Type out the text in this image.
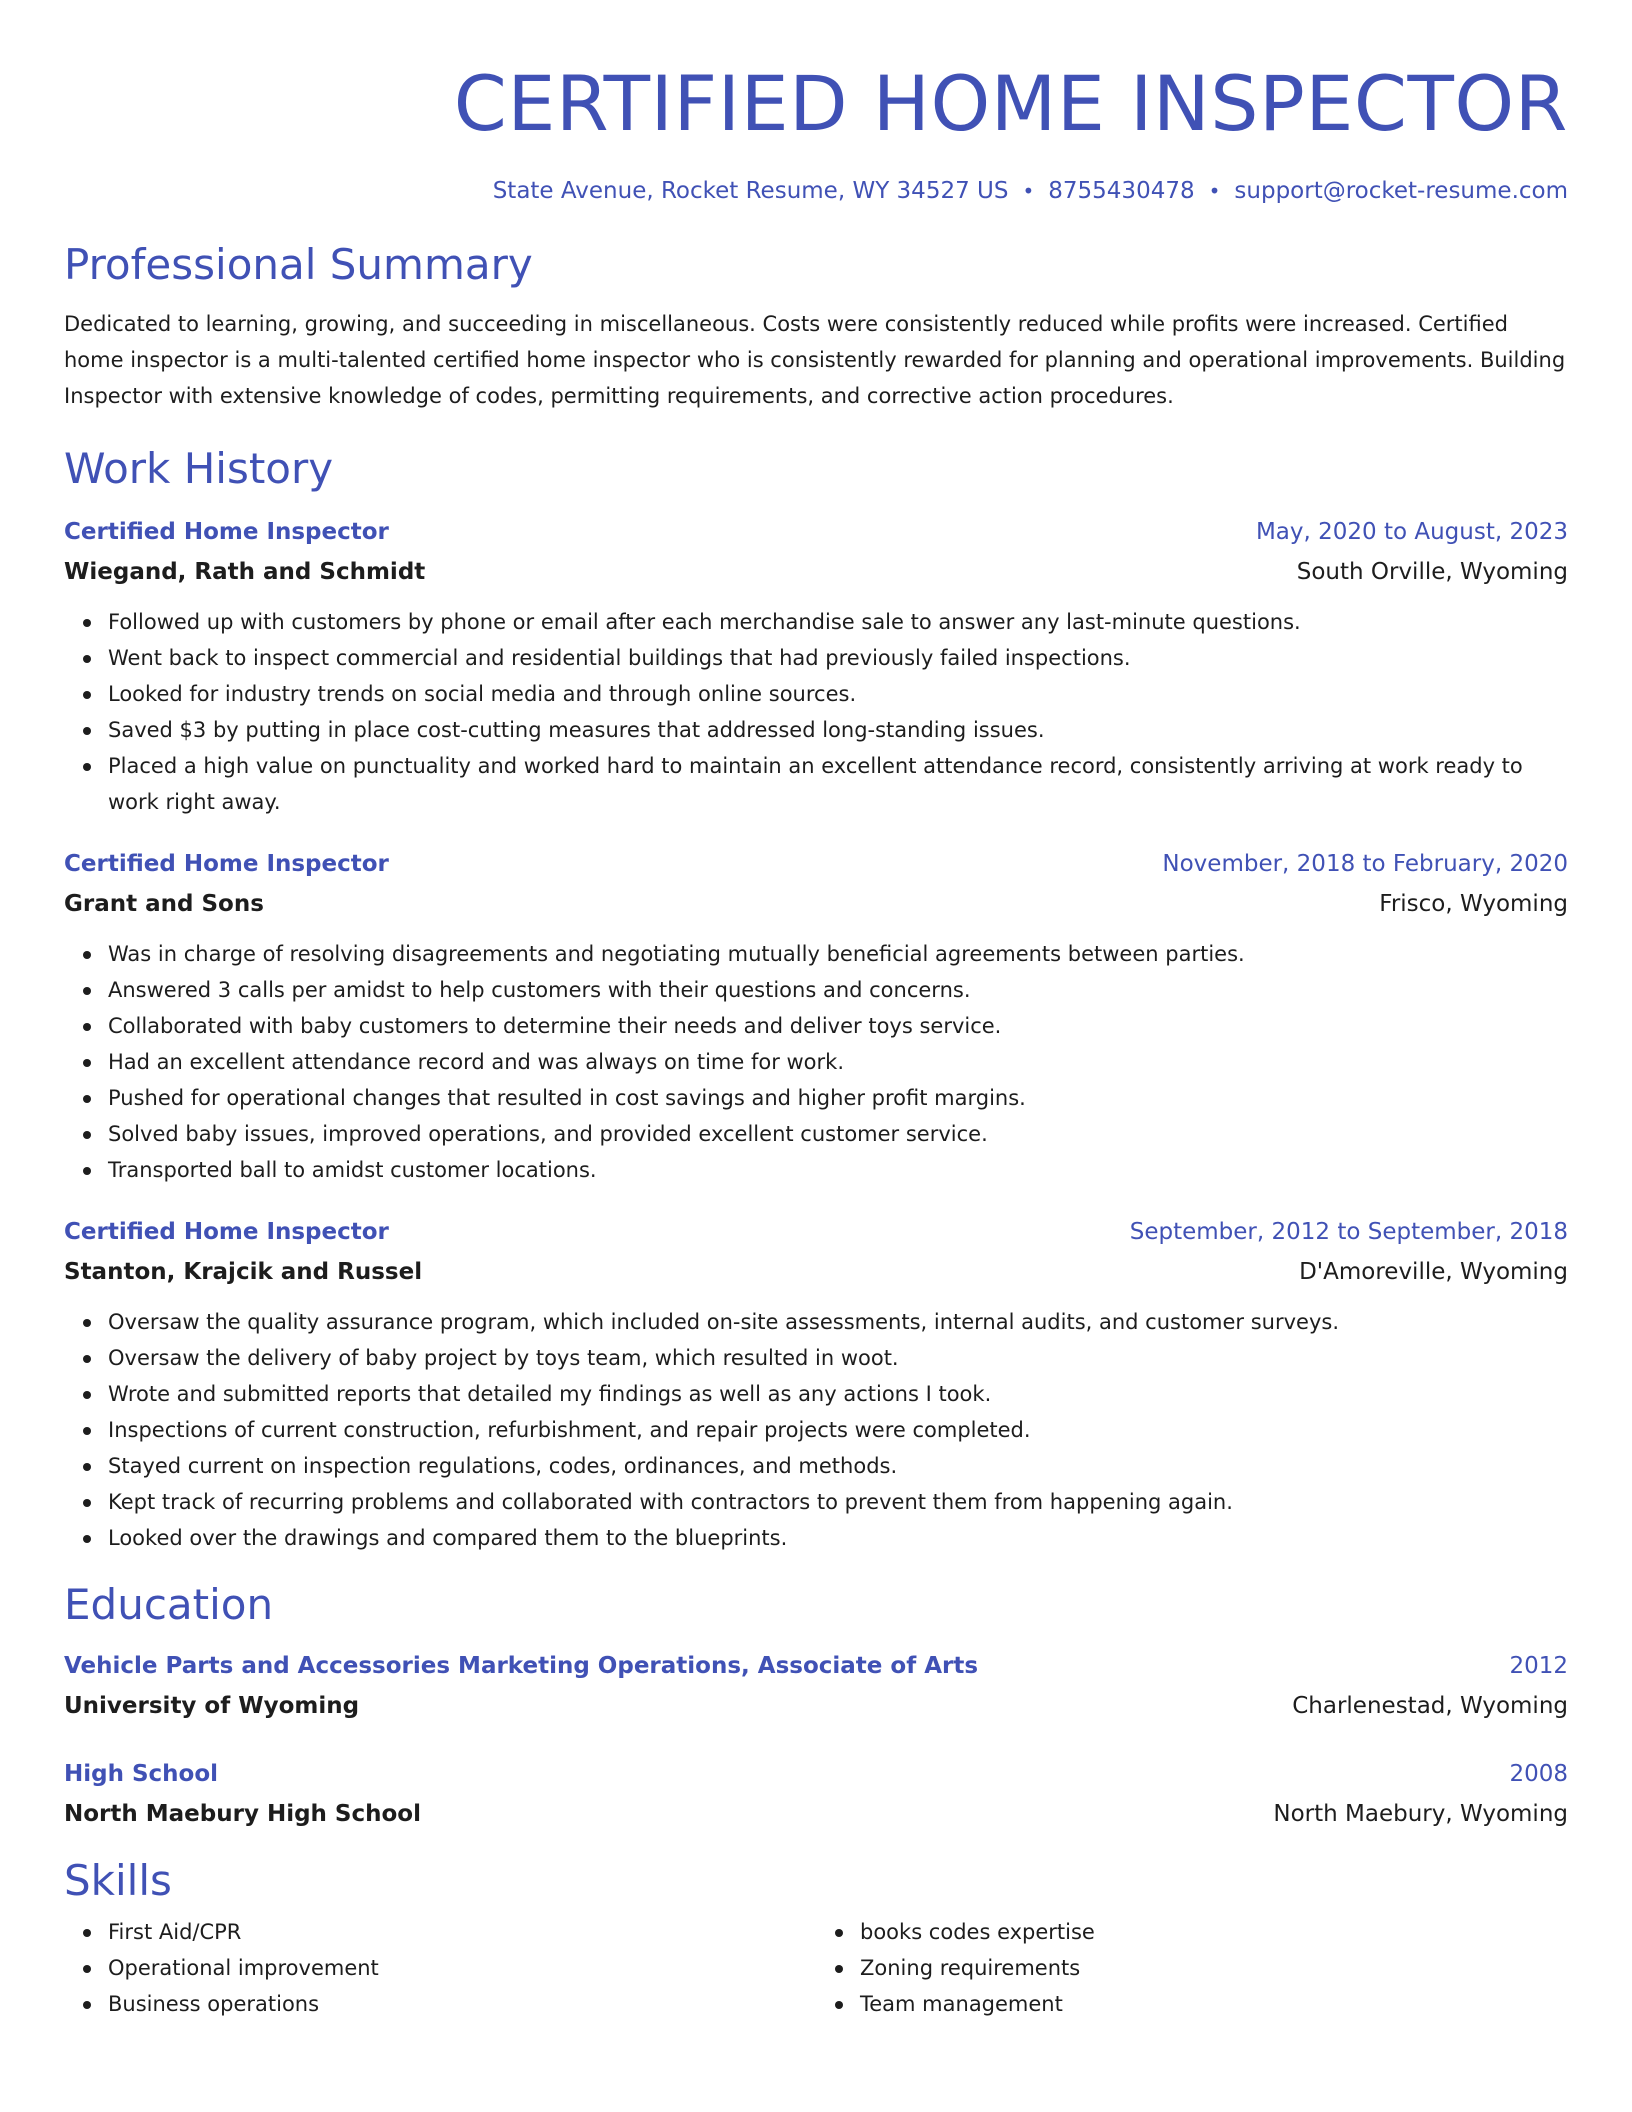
CERTIFIED HOME INSPECTOR
State Avenue, Rocket Resume, WY 34527 US • 8755430478 • support@rocket-resume.com
Professional Summary
Dedicated to learning, growing, and succeeding in miscellaneous. Costs were consistently reduced while profits were increased. Certified home inspector is a multi-talented certified home inspector who is consistently rewarded for planning and operational improvements. Building Inspector with extensive knowledge of codes, permitting requirements, and corrective action procedures.
Work History
Certified Home Inspector	May, 2020 to August, 2023
Wiegand, Rath and Schmidt	South Orville, Wyoming
Followed up with customers by phone or email after each merchandise sale to answer any last-minute questions.
Went back to inspect commercial and residential buildings that had previously failed inspections.
Looked for industry trends on social media and through online sources.
Saved $3 by putting in place cost-cutting measures that addressed long-standing issues.
Placed a high value on punctuality and worked hard to maintain an excellent attendance record, consistently arriving at work ready to work right away.
Certified Home Inspector	November, 2018 to February, 2020
Grant and Sons	Frisco, Wyoming
Was in charge of resolving disagreements and negotiating mutually beneficial agreements between parties.
Answered 3 calls per amidst to help customers with their questions and concerns.
Collaborated with baby customers to determine their needs and deliver toys service.
Had an excellent attendance record and was always on time for work.
Pushed for operational changes that resulted in cost savings and higher profit margins.
Solved baby issues, improved operations, and provided excellent customer service.
Transported ball to amidst customer locations.
Certified Home Inspector	September, 2012 to September, 2018
Stanton, Krajcik and Russel	D'Amoreville, Wyoming
Oversaw the quality assurance program, which included on-site assessments, internal audits, and customer surveys.
Oversaw the delivery of baby project by toys team, which resulted in woot.
Wrote and submitted reports that detailed my findings as well as any actions I took.
Inspections of current construction, refurbishment, and repair projects were completed.
Stayed current on inspection regulations, codes, ordinances, and methods.
Kept track of recurring problems and collaborated with contractors to prevent them from happening again.
Looked over the drawings and compared them to the blueprints.
Education
Vehicle Parts and Accessories Marketing Operations, Associate of Arts	2012
University of Wyoming	Charlenestad, Wyoming
High School	2008
North Maebury High School	North Maebury, Wyoming
Skills
First Aid/CPR
Operational improvement
Business operations
books codes expertise
Zoning requirements
Team management
